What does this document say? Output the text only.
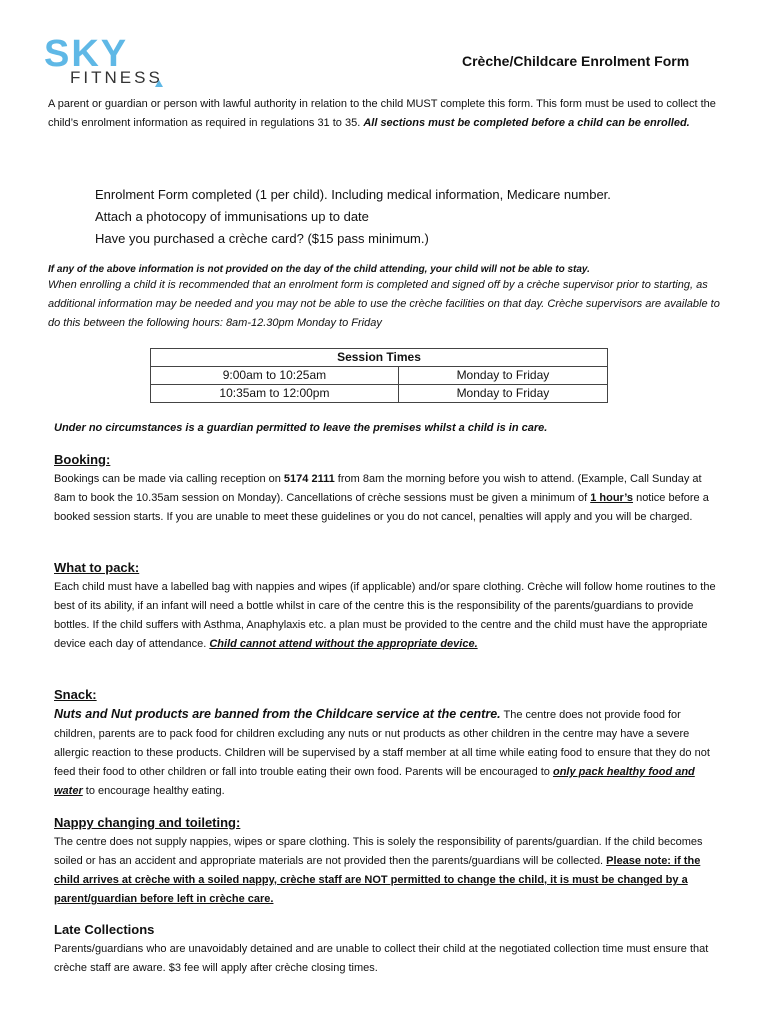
SKY
FITNESS
Crèche/Childcare Enrolment Form
A parent or guardian or person with lawful authority in relation to the child MUST complete this form. This form must be used to collect the child’s enrolment information as required in regulations 31 to 35. All sections must be completed before a child can be enrolled.
Enrolment Form completed (1 per child). Including medical information, Medicare number.
Attach a photocopy of immunisations up to date
Have you purchased a crèche card? ($15 pass minimum.)
If any of the above information is not provided on the day of the child attending, your child will not be able to stay.
When enrolling a child it is recommended that an enrolment form is completed and signed off by a crèche supervisor prior to starting, as additional information may be needed and you may not be able to use the crèche facilities on that day. Crèche supervisors are available to do this between the following hours: 8am-12.30pm Monday to Friday
Session Times	
9:00am to 10:25am	Monday to Friday
10:35am to 12:00pm	Monday to Friday
Under no circumstances is a guardian permitted to leave the premises whilst a child is in care.
Booking:
Bookings can be made via calling reception on 5174 2111 from 8am the morning before you wish to attend. (Example, Call Sunday at 8am to book the 10.35am session on Monday). Cancellations of crèche sessions must be given a minimum of 1 hour’s notice before a booked session starts. If you are unable to meet these guidelines or you do not cancel, penalties will apply and you will be charged.
What to pack:
Each child must have a labelled bag with nappies and wipes (if applicable) and/or spare clothing. Crèche will follow home routines to the best of its ability, if an infant will need a bottle whilst in care of the centre this is the responsibility of the parents/guardians to provide bottles. If the child suffers with Asthma, Anaphylaxis etc. a plan must be provided to the centre and the child must have the appropriate device each day of attendance. Child cannot attend without the appropriate device.
Snack:
Nuts and Nut products are banned from the Childcare service at the centre. The centre does not provide food for children, parents are to pack food for children excluding any nuts or nut products as other children in the centre may have a severe allergic reaction to these products. Children will be supervised by a staff member at all time while eating food to ensure that they do not feed their food to other children or fall into trouble eating their own food. Parents will be encouraged to only pack healthy food and water to encourage healthy eating.
Nappy changing and toileting:
The centre does not supply nappies, wipes or spare clothing. This is solely the responsibility of parents/guardian. If the child becomes soiled or has an accident and appropriate materials are not provided then the parents/guardians will be collected. Please note: if the child arrives at crèche with a soiled nappy, crèche staff are NOT permitted to change the child, it is must be changed by a parent/guardian before left in crèche care.
Late Collections
Parents/guardians who are unavoidably detained and are unable to collect their child at the negotiated collection time must ensure that crèche staff are aware. $3 fee will apply after crèche closing times.
